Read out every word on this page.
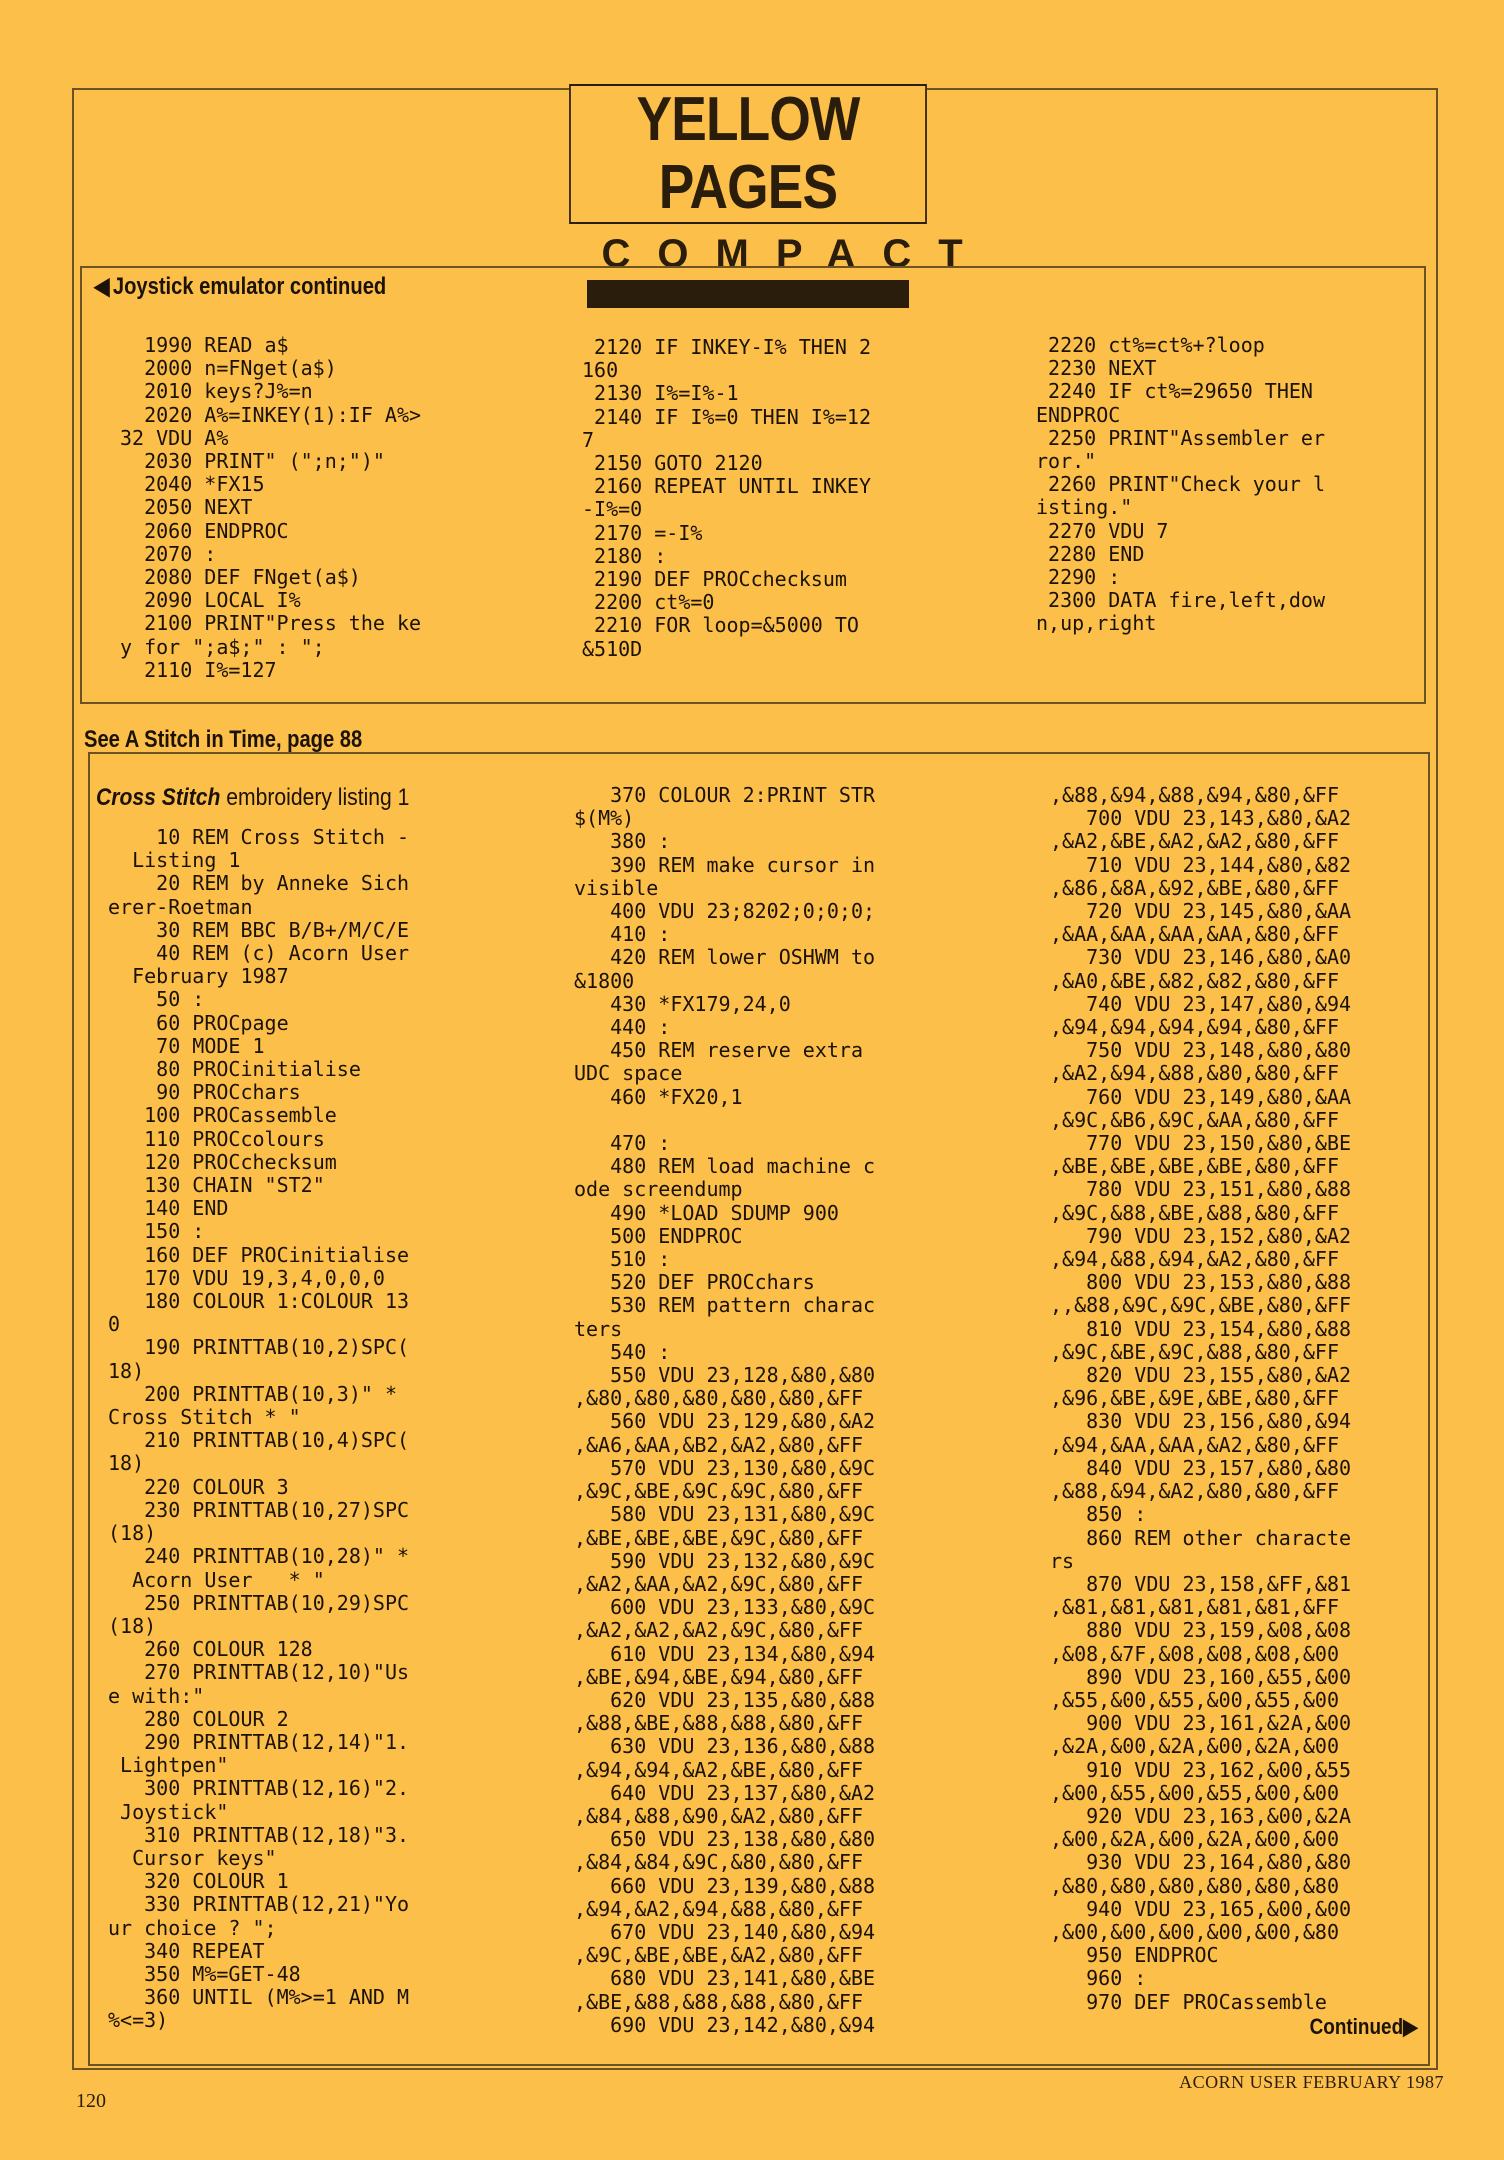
YELLOW PAGES
COMPACT
◀ Joystick emulator continued
1990 READ a$
2000 n=FNget(a$)
2010 keys?J%=n
2020 A%=INKEY(1):IF A%>
32 VDU A%
2030 PRINT" (";n;")"
2040 *FX15
2050 NEXT
2060 ENDPROC
2070 :
2080 DEF FNget(a$)
2090 LOCAL I%
2100 PRINT"Press the ke
y for ";a$;" : ";
2110 I%=127
2120 IF INKEY-I% THEN 2
160
2130 I%=I%-1
2140 IF I%=0 THEN I%=12
7
2150 GOTO 2120
2160 REPEAT UNTIL INKEY
-I%=0
2170 =-I%
2180 :
2190 DEF PROCchecksum
2200 ct%=0
2210 FOR loop=&5000 TO
&510D
2220 ct%=ct%+?loop
2230 NEXT
2240 IF ct%=29650 THEN
ENDPROC
2250 PRINT"Assembler er
ror."
2260 PRINT"Check your l
isting."
2270 VDU 7
2280 END
2290 :
2300 DATA fire,left,dow
n,up,right
See A Stitch in Time, page 88
Cross Stitch embroidery listing 1
10 REM Cross Stitch -
Listing 1
20 REM by Anneke Sich
erer-Roetman
30 REM BBC B/B+/M/C/E
40 REM (c) Acorn User
February 1987
50 :
60 PROCpage
70 MODE 1
80 PROCinitialise
90 PROCchars
100 PROCassemble
110 PROCcolours
120 PROCchecksum
130 CHAIN "ST2"
140 END
150 :
160 DEF PROCinitialise
170 VDU 19,3,4,0,0,0
180 COLOUR 1:COLOUR 13
0
190 PRINTTAB(10,2)SPC(
18)
200 PRINTTAB(10,3)" *
Cross Stitch * "
210 PRINTTAB(10,4)SPC(
18)
220 COLOUR 3
230 PRINTTAB(10,27)SPC
(18)
240 PRINTTAB(10,28)" *
Acorn User   * "
250 PRINTTAB(10,29)SPC
(18)
260 COLOUR 128
270 PRINTTAB(12,10)"Us
e with:"
280 COLOUR 2
290 PRINTTAB(12,14)"1.
Lightpen"
300 PRINTTAB(12,16)"2.
Joystick"
310 PRINTTAB(12,18)"3.
Cursor keys"
320 COLOUR 1
330 PRINTTAB(12,21)"Yo
ur choice ? ";
340 REPEAT
350 M%=GET-48
360 UNTIL (M%>=1 AND M
%<=3)
370 COLOUR 2:PRINT STR
$(M%)
380 :
390 REM make cursor in
visible
400 VDU 23;8202;0;0;0;
410 :
420 REM lower OSHWM to
&1800
430 *FX179,24,0
440 :
450 REM reserve extra
UDC space
460 *FX20,1

470 :
480 REM load machine c
ode screendump
490 *LOAD SDUMP 900
500 ENDPROC
510 :
520 DEF PROCchars
530 REM pattern charac
ters
540 :
550 VDU 23,128,&80,&80
,&80,&80,&80,&80,&80,&FF
560 VDU 23,129,&80,&A2
,&A6,&AA,&B2,&A2,&80,&FF
570 VDU 23,130,&80,&9C
,&9C,&BE,&9C,&9C,&80,&FF
580 VDU 23,131,&80,&9C
,&BE,&BE,&BE,&9C,&80,&FF
590 VDU 23,132,&80,&9C
,&A2,&AA,&A2,&9C,&80,&FF
600 VDU 23,133,&80,&9C
,&A2,&A2,&A2,&9C,&80,&FF
610 VDU 23,134,&80,&94
,&BE,&94,&BE,&94,&80,&FF
620 VDU 23,135,&80,&88
,&88,&BE,&88,&88,&80,&FF
630 VDU 23,136,&80,&88
,&94,&94,&A2,&BE,&80,&FF
640 VDU 23,137,&80,&A2
,&84,&88,&90,&A2,&80,&FF
650 VDU 23,138,&80,&80
,&84,&84,&9C,&80,&80,&FF
660 VDU 23,139,&80,&88
,&94,&A2,&94,&88,&80,&FF
670 VDU 23,140,&80,&94
,&9C,&BE,&BE,&A2,&80,&FF
680 VDU 23,141,&80,&BE
,&BE,&88,&88,&88,&80,&FF
690 VDU 23,142,&80,&94
,&88,&94,&88,&94,&80,&FF
700 VDU 23,143,&80,&A2
,&A2,&BE,&A2,&A2,&80,&FF
710 VDU 23,144,&80,&82
,&86,&8A,&92,&BE,&80,&FF
720 VDU 23,145,&80,&AA
,&AA,&AA,&AA,&AA,&80,&FF
730 VDU 23,146,&80,&A0
,&A0,&BE,&82,&82,&80,&FF
740 VDU 23,147,&80,&94
,&94,&94,&94,&94,&80,&FF
750 VDU 23,148,&80,&80
,&A2,&94,&88,&80,&80,&FF
760 VDU 23,149,&80,&AA
,&9C,&B6,&9C,&AA,&80,&FF
770 VDU 23,150,&80,&BE
,&BE,&BE,&BE,&BE,&80,&FF
780 VDU 23,151,&80,&88
,&9C,&88,&BE,&88,&80,&FF
790 VDU 23,152,&80,&A2
,&94,&88,&94,&A2,&80,&FF
800 VDU 23,153,&80,&88
,,&88,&9C,&9C,&BE,&80,&FF
810 VDU 23,154,&80,&88
,&9C,&BE,&9C,&88,&80,&FF
820 VDU 23,155,&80,&A2
,&96,&BE,&9E,&BE,&80,&FF
830 VDU 23,156,&80,&94
,&94,&AA,&AA,&A2,&80,&FF
840 VDU 23,157,&80,&80
,&88,&94,&A2,&80,&80,&FF
850 :
860 REM other characte
rs
870 VDU 23,158,&FF,&81
,&81,&81,&81,&81,&81,&FF
880 VDU 23,159,&08,&08
,&08,&7F,&08,&08,&08,&00
890 VDU 23,160,&55,&00
,&55,&00,&55,&00,&55,&00
900 VDU 23,161,&2A,&00
,&2A,&00,&2A,&00,&2A,&00
910 VDU 23,162,&00,&55
,&00,&55,&00,&55,&00,&00
920 VDU 23,163,&00,&2A
,&00,&2A,&00,&2A,&00,&00
930 VDU 23,164,&80,&80
,&80,&80,&80,&80,&80,&80
940 VDU 23,165,&00,&00
,&00,&00,&00,&00,&00,&80
950 ENDPROC
960 :
970 DEF PROCassemble
Continued▶
120
ACORN USER FEBRUARY 1987
